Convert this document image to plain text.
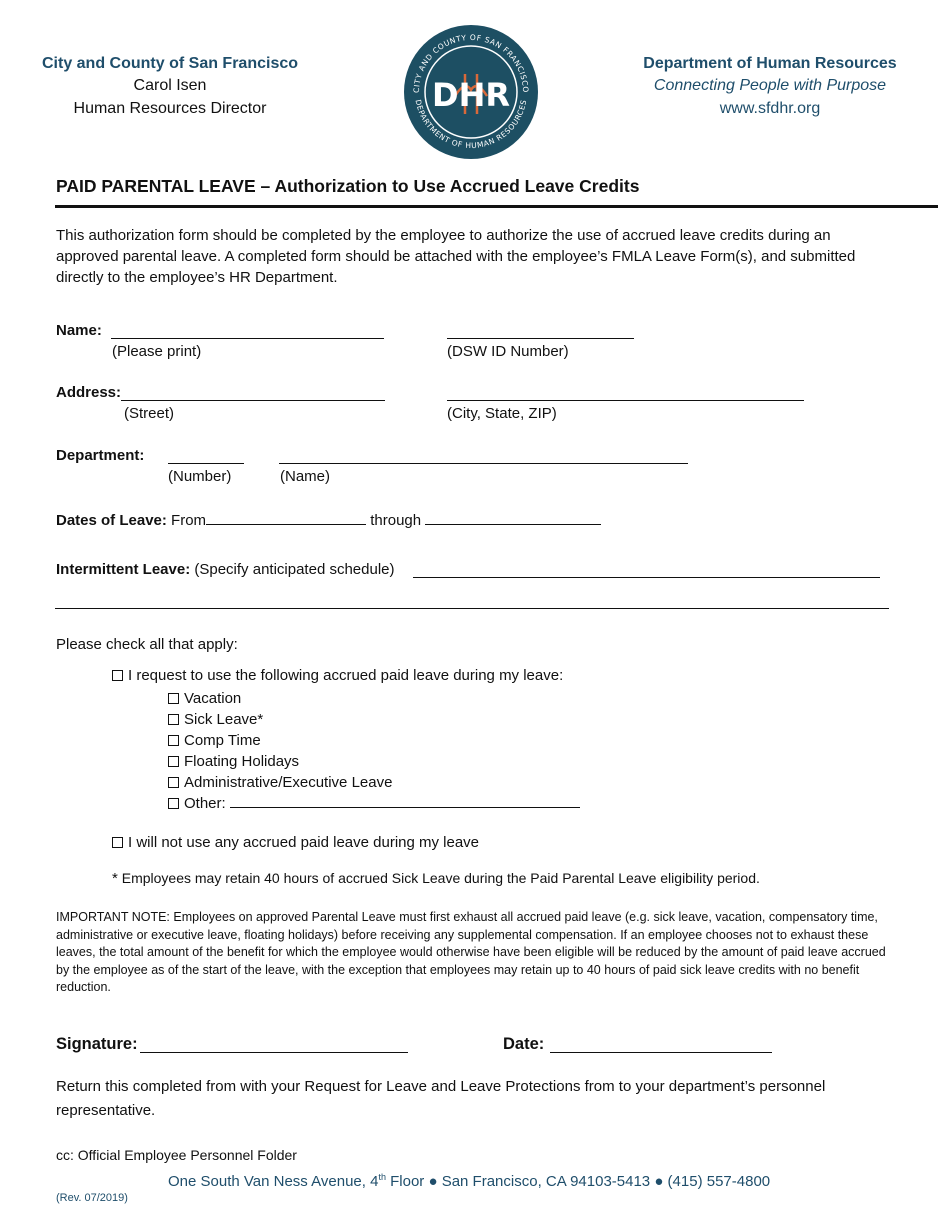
City and County of San Francisco
Carol Isen
Human Resources Director
CITY AND COUNTY OF SAN FRANCISCO
DEPARTMENT OF HUMAN RESOURCES
DHR
Department of Human Resources
Connecting People with Purpose
www.sfdhr.org
PAID PARENTAL LEAVE – Authorization to Use Accrued Leave Credits
This authorization form should be completed by the employee to authorize the use of accrued leave credits during an approved parental leave. A completed form should be attached with the employee’s FMLA Leave Form(s), and submitted directly to the employee’s HR Department.
Name:
(Please print)	(DSW ID Number)
Address:
(Street)	(City, State, ZIP)
Department:
(Number)	(Name)
Dates of Leave: From	through
Intermittent Leave: (Specify anticipated schedule)
Please check all that apply:
I request to use the following accrued paid leave during my leave:
Vacation
Sick Leave*
Comp Time
Floating Holidays
Administrative/Executive Leave
Other:
I will not use any accrued paid leave during my leave
* Employees may retain 40 hours of accrued Sick Leave during the Paid Parental Leave eligibility period.
IMPORTANT NOTE: Employees on approved Parental Leave must first exhaust all accrued paid leave (e.g. sick leave, vacation, compensatory time, administrative or executive leave, floating holidays) before receiving any supplemental compensation. If an employee chooses not to exhaust these leaves, the total amount of the benefit for which the employee would otherwise have been eligible will be reduced by the amount of paid leave accrued by the employee as of the start of the leave, with the exception that employees may retain up to 40 hours of paid sick leave credits with no benefit reduction.
Signature:	Date:
Return this completed from with your Request for Leave and Leave Protections from to your department’s personnel representative.
cc: Official Employee Personnel Folder
One South Van Ness Avenue, 4th Floor ● San Francisco, CA 94103-5413 ● (415) 557-4800
(Rev. 07/2019)
